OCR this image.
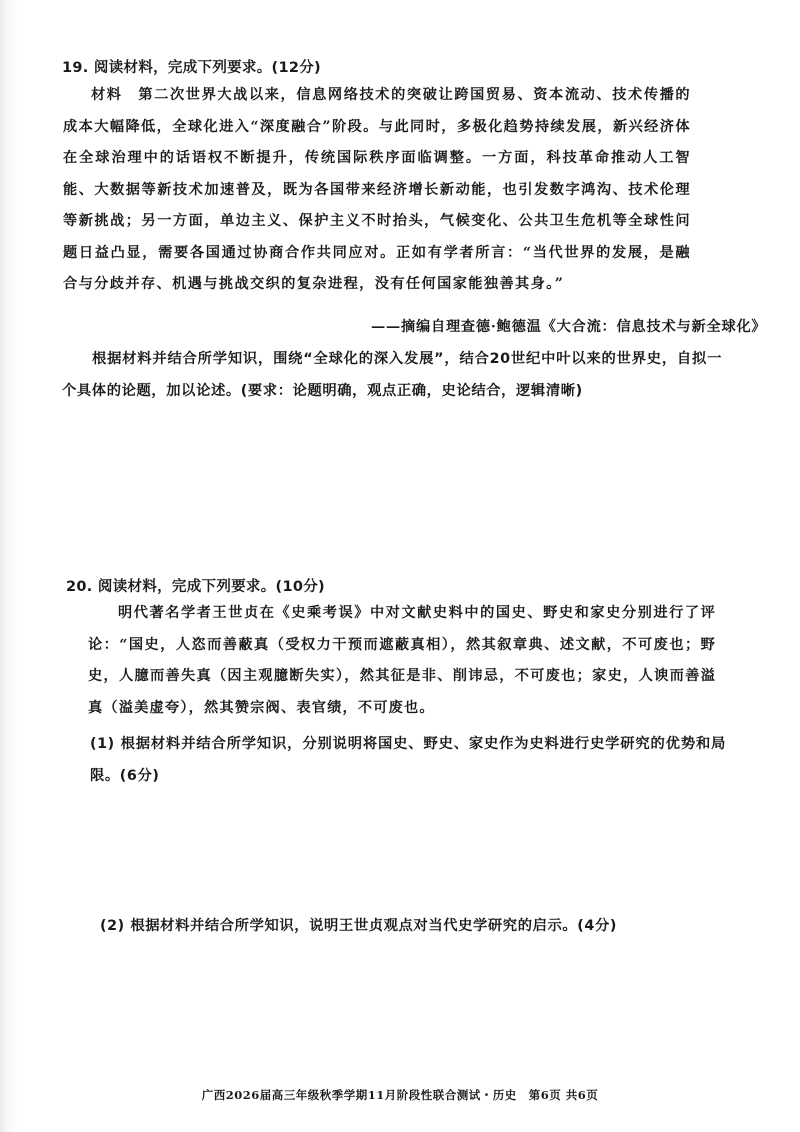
19. 阅读材料，完成下列要求。(12分)
材料　第二次世界大战以来，信息网络技术的突破让跨国贸易、资本流动、技术传播的成本大幅降低，全球化进入“深度融合”阶段。与此同时，多极化趋势持续发展，新兴经济体在全球治理中的话语权不断提升，传统国际秩序面临调整。一方面，科技革命推动人工智能、大数据等新技术加速普及，既为各国带来经济增长新动能，也引发数字鸿沟、技术伦理等新挑战；另一方面，单边主义、保护主义不时抬头，气候变化、公共卫生危机等全球性问题日益凸显，需要各国通过协商合作共同应对。正如有学者所言：“当代世界的发展，是融合与分歧并存、机遇与挑战交织的复杂进程，没有任何国家能独善其身。”
——摘编自理查德·鲍德温《大合流：信息技术与新全球化》
根据材料并结合所学知识，围绕“全球化的深入发展”，结合20世纪中叶以来的世界史，自拟一个具体的论题，加以论述。(要求：论题明确，观点正确，史论结合，逻辑清晰)
20. 阅读材料，完成下列要求。(10分)
明代著名学者王世贞在《史乘考误》中对文献史料中的国史、野史和家史分别进行了评论：“国史，人恣而善蔽真（受权力干预而遮蔽真相），然其叙章典、述文献，不可废也；野史，人臆而善失真（因主观臆断失实），然其征是非、削讳忌，不可废也；家史，人谀而善溢真（溢美虚夸），然其赞宗阀、表官绩，不可废也。
(1) 根据材料并结合所学知识，分别说明将国史、野史、家史作为史料进行史学研究的优势和局限。(6分)
(2) 根据材料并结合所学知识，说明王世贞观点对当代史学研究的启示。(4分)
广西2026届高三年级秋季学期11月阶段性联合测试・历史　第6页 共6页
